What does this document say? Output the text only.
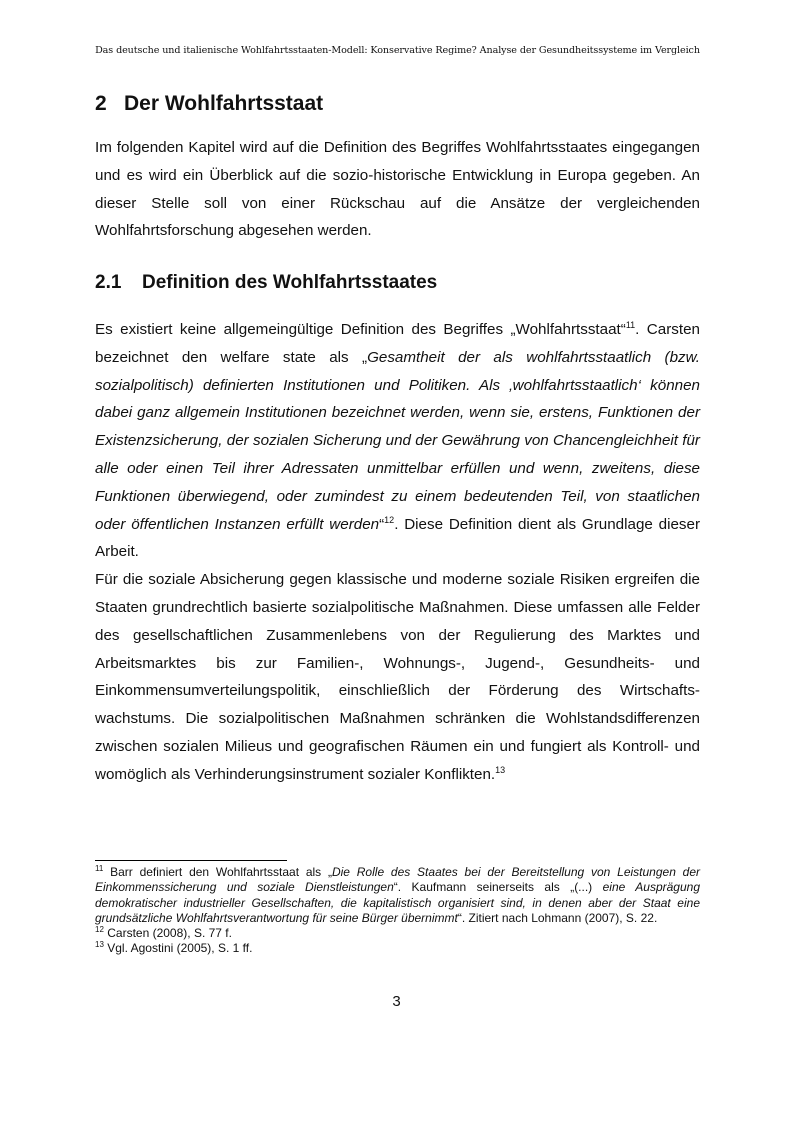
Das deutsche und italienische Wohlfahrtsstaaten-Modell: Konservative Regime? Analyse der Gesundheitssysteme im Vergleich
2 Der Wohlfahrtsstaat

Im folgenden Kapitel wird auf die Definition des Begriffes Wohlfahrtsstaates eingegangen und es wird ein Überblick auf die sozio-historische Entwicklung in Europa gegeben. An dieser Stelle soll von einer Rückschau auf die Ansätze der vergleichenden Wohlfahrtsforschung abgesehen werden.

2.1 Definition des Wohlfahrtsstaates
Es existiert keine allgemeingültige Definition des Begriffes „Wohlfahrtsstaat“$^{11}$. Carsten bezeichnet den welfare state als „Gesamtheit der als wohlfahrtsstaatlich (bzw. sozialpolitisch) definierten Institutionen und Politiken. Als ‚wohlfahrtsstaatlich‘ können dabei ganz allgemein Institutionen bezeichnet werden, wenn sie, erstens, Funktionen der Existenzsicherung, der sozialen Sicherung und der Gewährung von Chancengleichheit für alle oder einen Teil ihrer Adressaten unmittelbar erfüllen und wenn, zweitens, diese Funktionen überwiegend, oder zumindest zu einem bedeutenden Teil, von staatlichen oder öffentlichen Instanzen erfüllt werden“$^{12}$. Diese Definition dient als Grundlage dieser Arbeit.
Für die soziale Absicherung gegen klassische und moderne soziale Risiken ergreifen die Staaten grundrechtlich basierte sozialpolitische Maßnahmen. Diese umfassen alle Felder des gesellschaftlichen Zusammenlebens von der Regulierung des Marktes und Arbeitsmarktes bis zur Familien-, Wohnungs-, Jugend-, Gesundheits- und Einkommensumverteilungspolitik, einschließlich der Förderung des Wirtschafts-wachstums. Die sozialpolitischen Maßnahmen schränken die Wohlstandsdifferenzen zwischen sozialen Milieus und geografischen Räumen ein und fungiert als Kontroll- und womöglich als Verhinderungsinstrument sozialer Konflikten.$^{13}$

$^{11}$ Barr definiert den Wohlfahrtsstaat als „Die Rolle des Staates bei der Bereitstellung von Leistungen der Einkommenssicherung und soziale Dienstleistungen“. Kaufmann seinerseits als „(...) eine Ausprägung demokratischer industrieller Gesellschaften, die kapitalistisch organisiert sind, in denen aber der Staat eine grundsätzliche Wohlfahrtsverantwortung für seine Bürger übernimmt“. Zitiert nach Lohmann (2007), S. 22.

$^{12}$ Carsten (2008), S. 77 f.

$^{13}$ Vgl. Agostini (2005), S. 1 ff.

3
